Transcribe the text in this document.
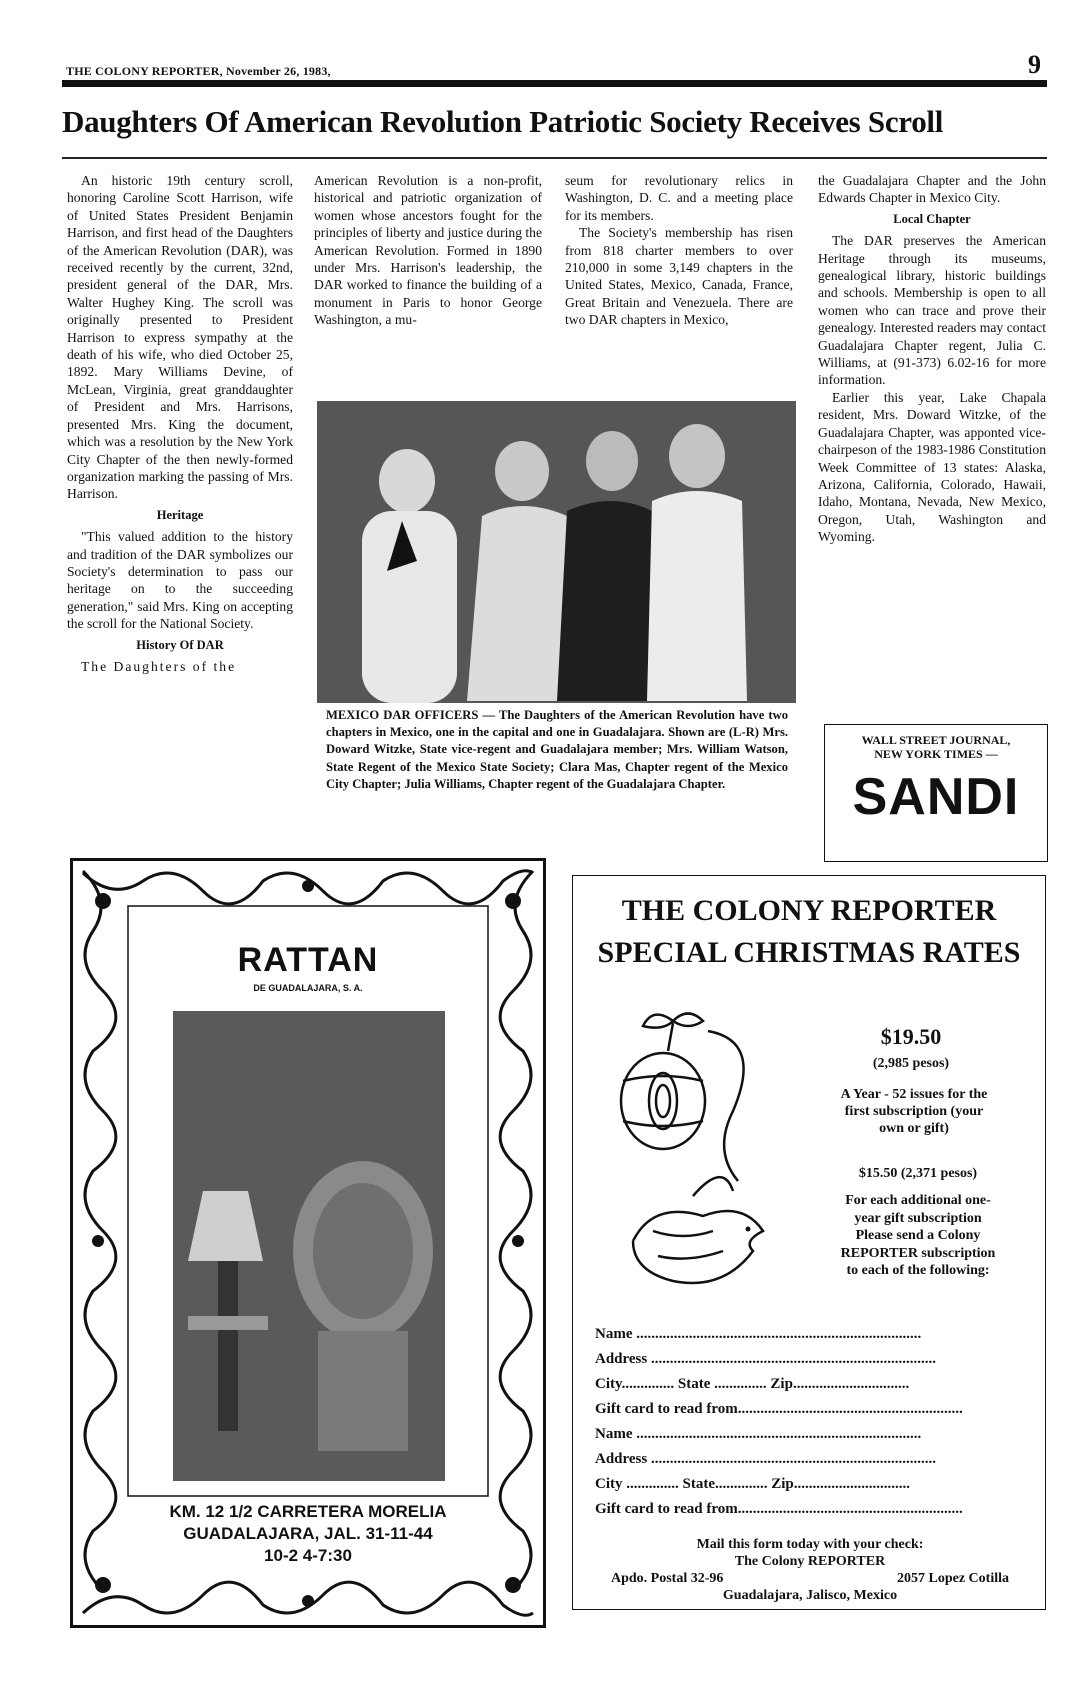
THE COLONY REPORTER, November 26, 1983,	9
Daughters Of American Revolution Patriotic Society Receives Scroll

An historic 19th century scroll, honoring Caroline Scott Harrison, wife of United States President Benjamin Harrison, and first head of the Daughters of the American Revolution (DAR), was received recently by the current, 32nd, president general of the DAR, Mrs. Walter Hughey King. The scroll was originally presented to President Harrison to express sympathy at the death of his wife, who died October 25, 1892. Mary Williams Devine, of McLean, Virginia, great granddaughter of President and Mrs. Harrisons, presented Mrs. King the document, which was a resolution by the New York City Chapter of the then newly-formed organization marking the passing of Mrs. Harrison.

Heritage

"This valued addition to the history and tradition of the DAR symbolizes our Society's determination to pass our heritage on to the succeeding generation," said Mrs. King on accepting the scroll for the National Society.

History Of DAR

The Daughters of the

American Revolution is a non-profit, historical and patriotic organization of women whose ancestors fought for the principles of liberty and justice during the American Revolution. Formed in 1890 under Mrs. Harrison's leadership, the DAR worked to finance the building of a monument in Paris to honor George Washington, a mu-

seum for revolutionary relics in Washington, D. C. and a meeting place for its members.

The Society's membership has risen from 818 charter members to over 210,000 in some 3,149 chapters in the United States, Mexico, Canada, France, Great Britain and Venezuela. There are two DAR chapters in Mexico,

the Guadalajara Chapter and the John Edwards Chapter in Mexico City.

Local Chapter

The DAR preserves the American Heritage through its museums, genealogical library, historic buildings and schools. Membership is open to all women who can trace and prove their genealogy. Interested readers may contact Guadalajara Chapter regent, Julia C. Williams, at (91-373) 6.02-16 for more information.

Earlier this year, Lake Chapala resident, Mrs. Doward Witzke, of the Guadalajara Chapter, was apponted vice-chairpeson of the 1983-1986 Constitution Week Committee of 13 states: Alaska, Arizona, California, Colorado, Hawaii, Idaho, Montana, Nevada, New Mexico, Oregon, Utah, Washington and Wyoming.

MEXICO DAR OFFICERS — The Daughters of the American Revolution have two chapters in Mexico, one in the capital and one in Guadalajara. Shown are (L-R) Mrs. Doward Witzke, State vice-regent and Guadalajara member; Mrs. William Watson, State Regent of the Mexico State Society; Clara Mas, Chapter regent of the Mexico City Chapter; Julia Williams, Chapter regent of the Guadalajara Chapter.
WALL STREET JOURNAL,
NEW YORK TIMES —
SANDI
RATTAN
DE GUADALAJARA, S. A.
KM. 12 1/2 CARRETERA MORELIA
GUADALAJARA, JAL. 31-11-44
10-2 4-7:30
THE COLONY REPORTER
SPECIAL CHRISTMAS RATES
$19.50
(2,985 pesos)
A Year - 52 issues for the first subscription (your own or gift)
$15.50 (2,371 pesos)
For each additional one-year gift subscription Please send a Colony REPORTER subscription to each of the following:
Name ............................................................................
Address ............................................................................
City.............. State .............. Zip...............................
Gift card to read from............................................................
Name ............................................................................
Address ............................................................................
City .............. State.............. Zip...............................
Gift card to read from............................................................
Mail this form today with your check:
The Colony REPORTER
Apdo. Postal 32-96	2057 Lopez Cotilla
Guadalajara, Jalisco, Mexico
